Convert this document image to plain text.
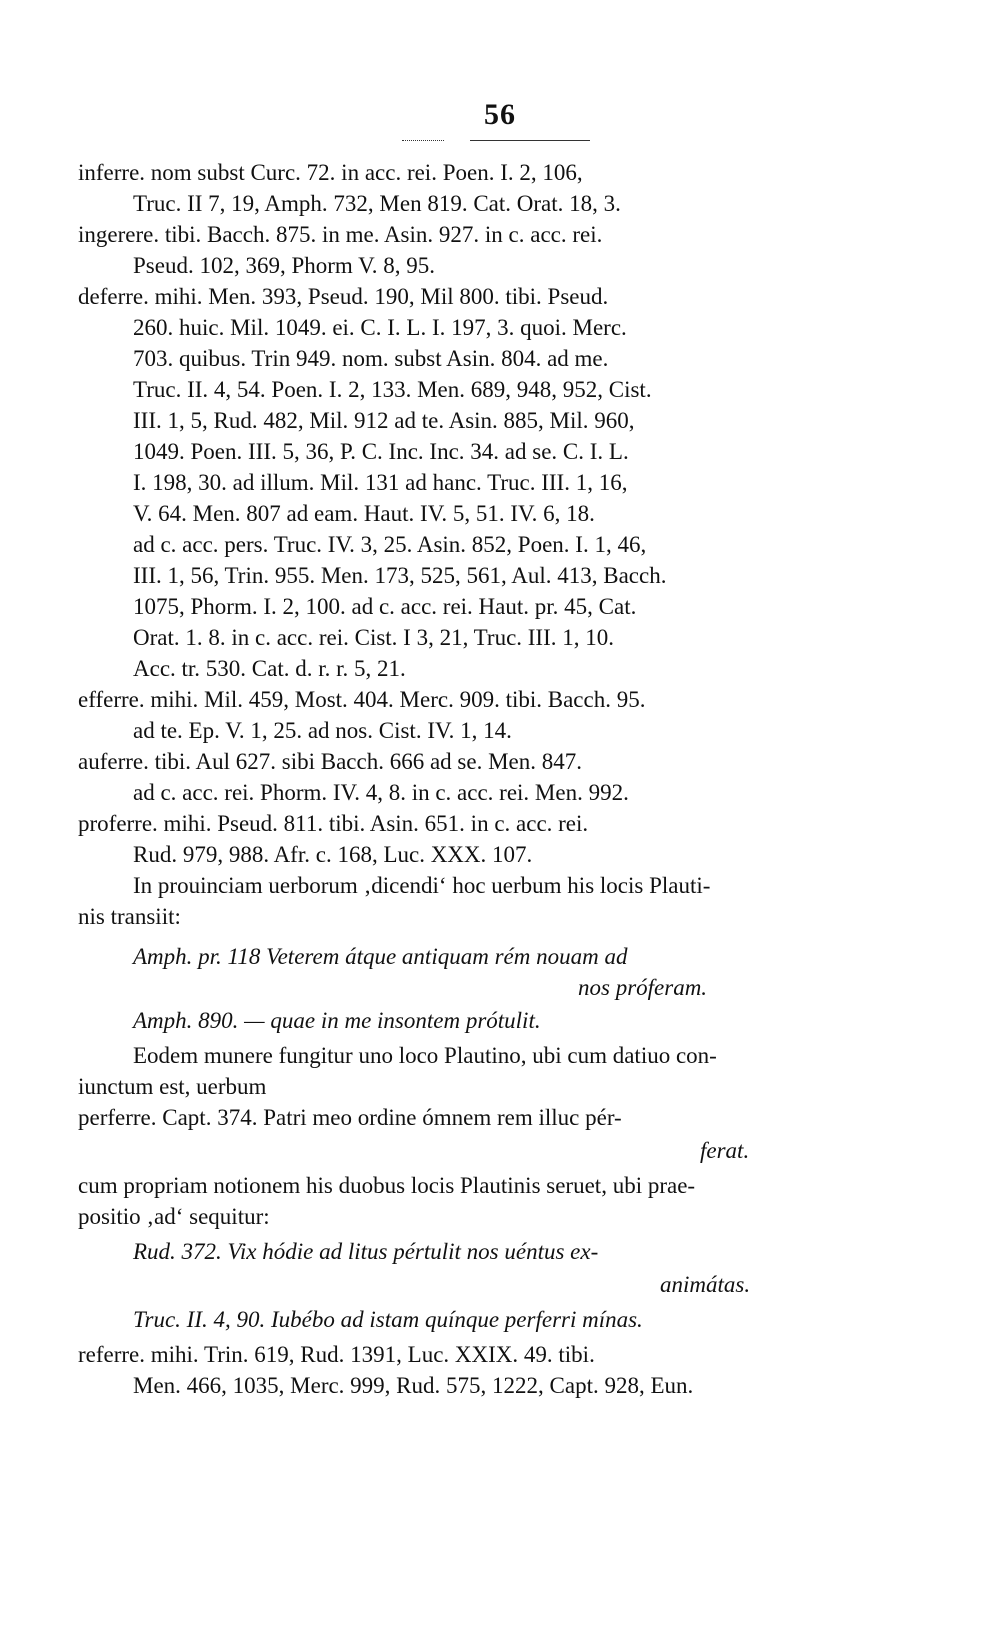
56
inferre. nom subst Curc. 72. in acc. rei. Poen. I. 2, 106,
Truc. II 7, 19, Amph. 732, Men 819. Cat. Orat. 18, 3.
ingerere. tibi. Bacch. 875. in me. Asin. 927. in c. acc. rei.
Pseud. 102, 369, Phorm V. 8, 95.
deferre. mihi. Men. 393, Pseud. 190, Mil 800. tibi. Pseud.
260. huic. Mil. 1049. ei. C. I. L. I. 197, 3. quoi. Merc.
703. quibus. Trin 949. nom. subst Asin. 804. ad me.
Truc. II. 4, 54. Poen. I. 2, 133. Men. 689, 948, 952, Cist.
III. 1, 5, Rud. 482, Mil. 912 ad te. Asin. 885, Mil. 960,
1049. Poen. III. 5, 36, P. C. Inc. Inc. 34. ad se. C. I. L.
I. 198, 30. ad illum. Mil. 131 ad hanc. Truc. III. 1, 16,
V. 64. Men. 807 ad eam. Haut. IV. 5, 51. IV. 6, 18.
ad c. acc. pers. Truc. IV. 3, 25. Asin. 852, Poen. I. 1, 46,
III. 1, 56, Trin. 955. Men. 173, 525, 561, Aul. 413, Bacch.
1075, Phorm. I. 2, 100. ad c. acc. rei. Haut. pr. 45, Cat.
Orat. 1. 8. in c. acc. rei. Cist. I 3, 21, Truc. III. 1, 10.
Acc. tr. 530. Cat. d. r. r. 5, 21.
efferre. mihi. Mil. 459, Most. 404. Merc. 909. tibi. Bacch. 95.
ad te. Ep. V. 1, 25. ad nos. Cist. IV. 1, 14.
auferre. tibi. Aul 627. sibi Bacch. 666 ad se. Men. 847.
ad c. acc. rei. Phorm. IV. 4, 8. in c. acc. rei. Men. 992.
proferre. mihi. Pseud. 811. tibi. Asin. 651. in c. acc. rei.
Rud. 979, 988. Afr. c. 168, Luc. XXX. 107.
In prouinciam uerborum ‚dicendi‘ hoc uerbum his locis Plauti-
nis transiit:
Amph. pr. 118 Veterem átque antiquam rém nouam ad
nos próferam.
Amph. 890. — quae in me insontem prótulit.
Eodem munere fungitur uno loco Plautino, ubi cum datiuo con-
iunctum est, uerbum
perferre. Capt. 374. Patri meo ordine ómnem rem illuc pér-
ferat.
cum propriam notionem his duobus locis Plautinis seruet, ubi prae-
positio ‚ad‘ sequitur:
Rud. 372. Vix hódie ad litus pértulit nos uéntus ex-
animátas.
Truc. II. 4, 90. Iubébo ad istam quínque perferri mínas.
referre. mihi. Trin. 619, Rud. 1391, Luc. XXIX. 49. tibi.
Men. 466, 1035, Merc. 999, Rud. 575, 1222, Capt. 928, Eun.
